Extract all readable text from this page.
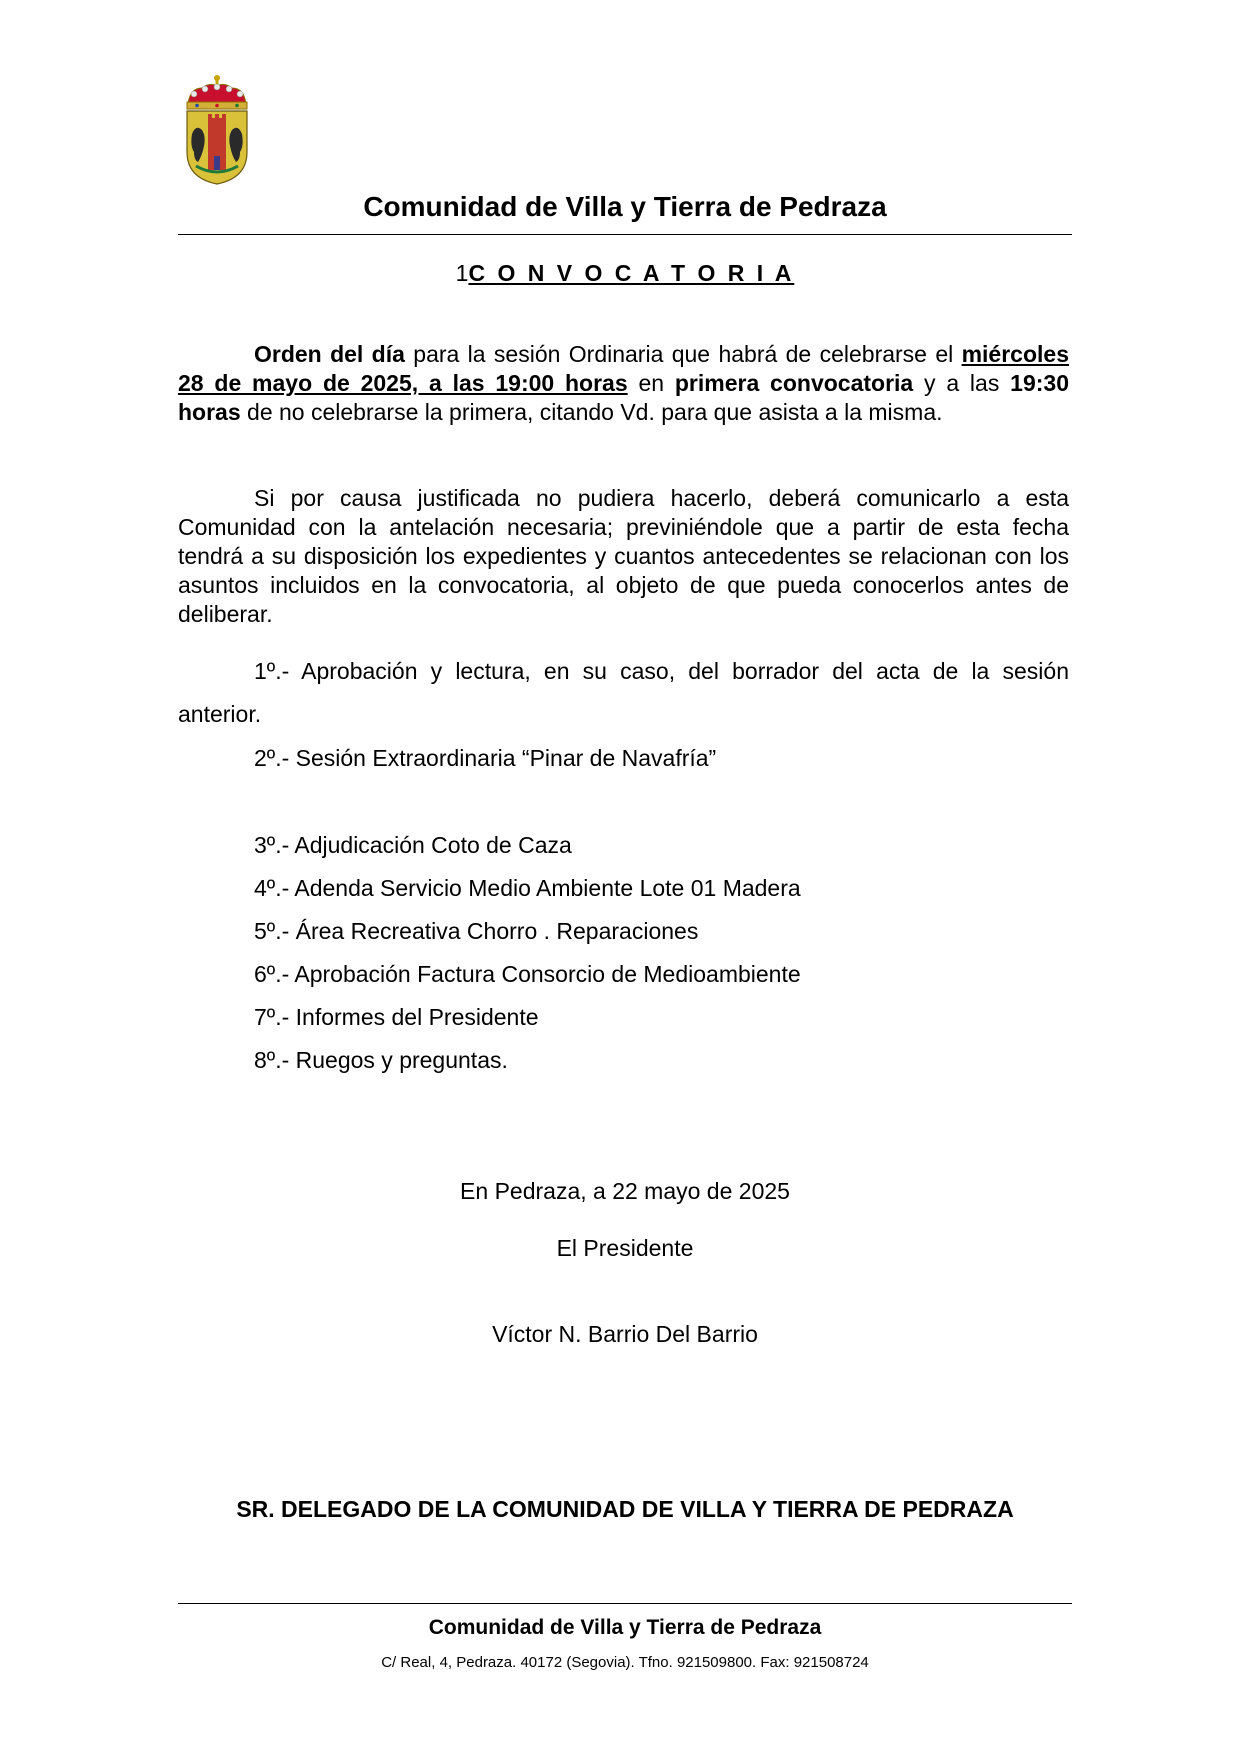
Comunidad de Villa y Tierra de Pedraza
1C O N V O C A T O R I A
Orden del día para la sesión Ordinaria que habrá de celebrarse el miércoles 28 de mayo de 2025, a las 19:00 horas en primera convocatoria y a las 19:30 horas de no celebrarse la primera, citando Vd. para que asista a la misma.
Si por causa justificada no pudiera hacerlo, deberá comunicarlo a esta Comunidad con la antelación necesaria; previniéndole que a partir de esta fecha tendrá a su disposición los expedientes y cuantos antecedentes se relacionan con los asuntos incluidos en la convocatoria, al objeto de que pueda conocerlos antes de deliberar.
1º.- Aprobación y lectura, en su caso, del borrador del acta de la sesión anterior.
2º.- Sesión Extraordinaria “Pinar de Navafría”
3º.- Adjudicación Coto de Caza
4º.- Adenda Servicio Medio Ambiente Lote 01 Madera
5º.- Área Recreativa Chorro . Reparaciones
6º.- Aprobación Factura Consorcio de Medioambiente
7º.- Informes del Presidente
8º.- Ruegos y preguntas.
En Pedraza, a 22 mayo de 2025
El Presidente
Víctor N. Barrio Del Barrio
SR. DELEGADO DE LA COMUNIDAD DE VILLA Y TIERRA DE PEDRAZA
Comunidad de Villa y Tierra de Pedraza
C/ Real, 4, Pedraza. 40172 (Segovia). Tfno. 921509800. Fax: 921508724
